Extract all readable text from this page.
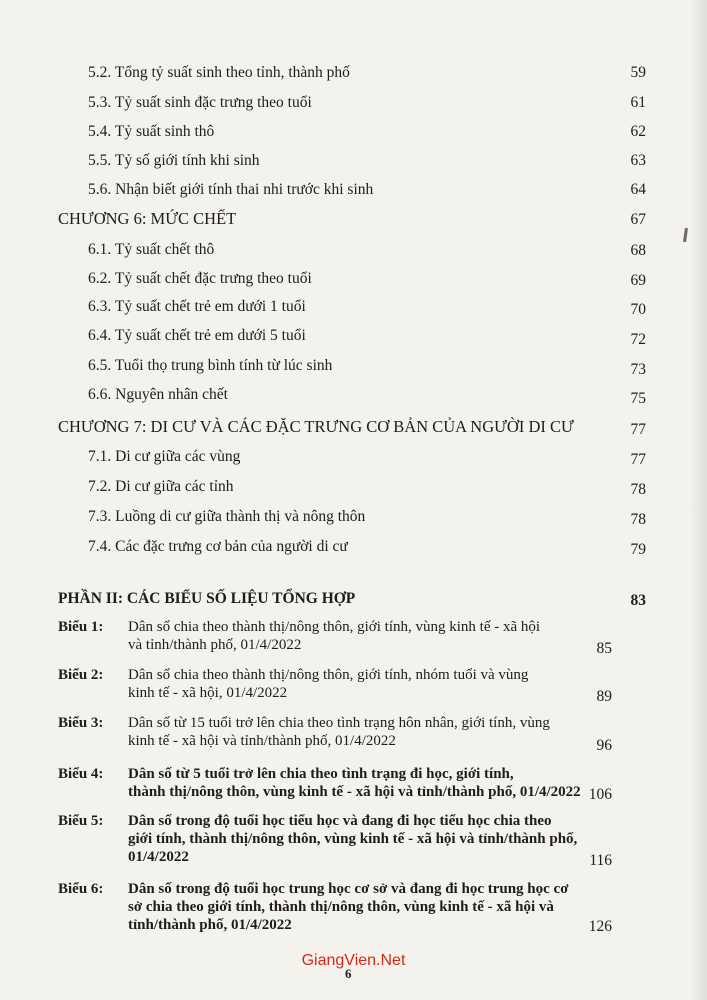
5.2. Tổng tỷ suất sinh theo tỉnh, thành phố	59
5.3. Tỷ suất sinh đặc trưng theo tuổi	61
5.4. Tỷ suất sinh thô	62
5.5. Tỷ số giới tính khi sinh	63
5.6. Nhận biết giới tính thai nhi trước khi sinh	64
CHƯƠNG 6: MỨC CHẾT	67
6.1. Tỷ suất chết thô	68
6.2. Tỷ suất chết đặc trưng theo tuổi	69
6.3. Tỷ suất chết trẻ em dưới 1 tuổi	70
6.4. Tỷ suất chết trẻ em dưới 5 tuổi	72
6.5. Tuổi thọ trung bình tính từ lúc sinh	73
6.6. Nguyên nhân chết	75
CHƯƠNG 7: DI CƯ VÀ CÁC ĐẶC TRƯNG CƠ BẢN CỦA NGƯỜI DI CƯ	77
7.1. Di cư giữa các vùng	77
7.2. Di cư giữa các tỉnh	78
7.3. Luồng di cư giữa thành thị và nông thôn	78
7.4. Các đặc trưng cơ bản của người di cư	79
PHẦN II: CÁC BIỂU SỐ LIỆU TỔNG HỢP	83
Biểu 1: Dân số chia theo thành thị/nông thôn, giới tính, vùng kinh tế - xã hội
và tỉnh/thành phố, 01/4/2022	85
Biểu 2: Dân số chia theo thành thị/nông thôn, giới tính, nhóm tuổi và vùng
kinh tế - xã hội, 01/4/2022	89
Biểu 3: Dân số từ 15 tuổi trở lên chia theo tình trạng hôn nhân, giới tính, vùng
kinh tế - xã hội và tỉnh/thành phố, 01/4/2022	96
Biểu 4: Dân số từ 5 tuổi trở lên chia theo tình trạng đi học, giới tính,
thành thị/nông thôn, vùng kinh tế - xã hội và tỉnh/thành phố, 01/4/2022 106
Biểu 5: Dân số trong độ tuổi học tiểu học và đang đi học tiểu học chia theo
giới tính, thành thị/nông thôn, vùng kinh tế - xã hội và tỉnh/thành phố,
01/4/2022	116
Biểu 6: Dân số trong độ tuổi học trung học cơ sở và đang đi học trung học cơ
sở chia theo giới tính, thành thị/nông thôn, vùng kinh tế - xã hội và
tỉnh/thành phố, 01/4/2022	126
GiangVien.Net
6
